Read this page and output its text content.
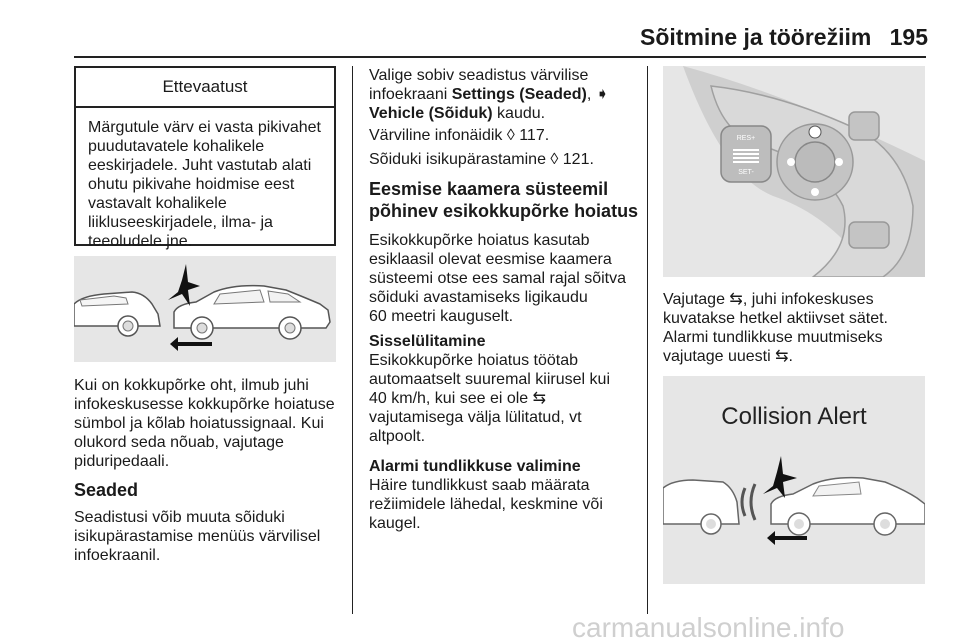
Sõitmine ja töörežiim 195
Ettevaatust
Märgutule värv ei vasta pikivahet
puudutavatele kohalikele
eeskirjadele. Juht vastutab alati
ohutu pikivahe hoidmise eest
vastavalt kohalikele
liikluseeskirjadele, ilma- ja
teeoludele jne.
Kui on kokkupõrke oht, ilmub juhi
infokeskusesse kokkupõrke hoiatuse
sümbol ja kõlab hoiatussignaal. Kui
olukord seda nõuab, vajutage
piduripedaali.
Seaded
Seadistusi võib muuta sõiduki
isikupärastamise menüüs värvilisel
infoekraanil.
Valige sobiv seadistus värvilise
infoekraani Settings (Seaded), ➧
Vehicle (Sõiduk) kaudu.
Värviline infonäidik ◊ 117.
Sõiduki isikupärastamine ◊ 121.
Eesmise kaamera süsteemil
põhinev esikokkupõrke hoiatus
Esikokkupõrke hoiatus kasutab
esiklaasil olevat eesmise kaamera
süsteemi otse ees samal rajal sõitva
sõiduki avastamiseks ligikaudu
60 meetri kauguselt.
Sisselülitamine
Esikokkupõrke hoiatus töötab
automaatselt suuremal kiirusel kui
40 km/h, kui see ei ole ⇆
vajutamisega välja lülitatud, vt
altpoolt.
Alarmi tundlikkuse valimine
Häire tundlikkust saab määrata
režiimidele lähedal, keskmine või
kaugel.
RES+
SET-
Vajutage ⇆, juhi infokeskuses
kuvatakse hetkel aktiivset sätet.
Alarmi tundlikkuse muutmiseks
vajutage uuesti ⇆.
Collision Alert
carmanualsonline.info
